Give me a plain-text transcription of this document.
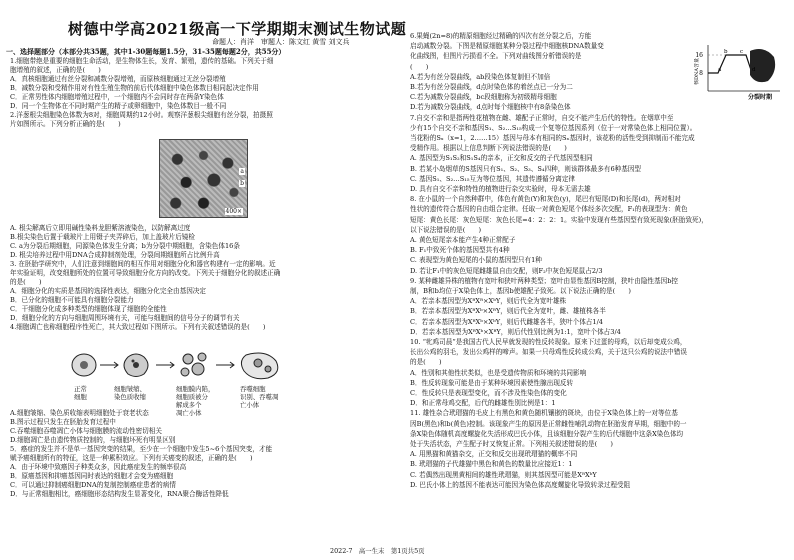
树德中学高2021级高一下学期期末测试生物试题
命题人：肖洋　审题人：陈文红 黄雪 刘文兵
一、选择题部分（本部分共35题，其中1-30题每题1.5分，31-35题每题2分，共55分）
1.细胞带绝是重要的细胞生命活动，是生物体生长，发育、繁殖，遗传的基础。下列关于细
胞增殖的叙述，正确的是(　　)
A．真核细胞通过有丝分裂和减数分裂增殖，而原核细胞通过无丝分裂增殖
B．减数分裂和受精作用对有性生殖生物的前后代体细胞中染色体数目相同起决定作用
C．正常男性体内细胞增殖过程中，一个细胞内不会同时存在两条Y染色体
D．同一个生物体在不同时期产生的精子或卵细胞中，染色体数目一般不同
2.洋葱根尖细胞染色体数为8对，细胞周期约12小时。观察洋葱根尖细胞有丝分裂，拍摄照
片如图所示。下列分析正确的是(　　)
A. 根尖解离后立即用碱性染料龙胆紫溶液染色，以防解离过度
B.根尖染色后置于载玻片上用镊子夹弄碎后，加上盖玻片后镜检
C. a为分裂后期细胞，同源染色体发生分离；b为分裂中期细胞，含染色体16条
D. 根尖培养过程中用DNA合成抑制剂处理，分裂间期细胞所占比例升高
3. 在胚胎学研究中，人们注意到细胞间的相互作用对细胞分化和器官构建有一定的影响。近
年实验证明，改变细胞所处的位置可导致细胞分化方向的改变。下列关于细胞分化的叙述正确
的是(　　)
A．细胞分化的实质是基因的选择性表达，细胞分化完全由基因决定
B．已分化的细胞不可能具有细胞分裂能力
C．干细胞分化成多种类型的细胞体现了细胞的全能性
D．细胞分化的方向与细胞周围环境有关，可能与细胞间的信号分子的调节有关
4.细胞调亡也称细胞程序性死亡，其大致过程如下图所示。下列有关叙述错误的是(　　)
A.细胞皱缩、染色质收缩表明细胞处于衰老状态
B.图示过程只发生在胚胎发育过程中
C.吞噬细胞吞噬凋亡小体与细胞膜的流动性密切相关
D.细胞凋亡是由遗传物质控制的，与细胞坏死有明显区别
5．癌症的发生并不是单一基因突变的结果，至少在一个细胞中发生5~6个基因突变，才能
赋予癌细胞所有的特征，这是一种累积效应。下列有关癌变的叙述，正确的是(　　)
A．由于环境中致癌因子种类众多，因此癌症发生的频率很高
B．原癌基因和抑癌基因同时表达的细胞才会变为癌细胞
C．可以通过抑制癌细胞DNA的复制控制癌症患者的病情
D．与正常细胞相比，癌细胞形态结构发生显著变化，RNA聚合酶活性降低
a
b
400×
正常
细胞
细胞皱缩、
染色质收缩
细胞膜内陷，
细胞质被分
解成多个
凋亡小体
吞噬细胞
识别、吞噬凋
亡小体
6.果蝇(2n=8)的精原细胞经过精确的四次有丝分裂之后，方能
启动减数分裂。下图是精原细胞某种分裂过程中细胞核DNA数量变
化曲线图，但图片污损看不全。下列对曲线图分析错误的是
(　　)
A.若为有丝分裂曲线，ab段染色体复制但不加倍
B.若为有丝分裂曲线，d点时染色体的着丝点已一分为二
C.若为减数分裂曲线，bc段细胞称为初级精母细胞
D.若为减数分裂曲线，d点时每个细胞核中有8条染色体
7.自交不亲和是指两性花植物在雌、雄配子正常时，自交不能产生后代的特性。在烟草中至
少有15个自交不亲和基因S₁、S₂…S₁₅构成一个复等位基因系列（位于一对常染色体上相同位置）。
当花粉的Sₓ（x=1，2……15）基因与母本有相同的Sₓ基因时，该花粉的活性受到抑制而不能完成
受精作用。根据以上信息判断下列说法错误的是(　　)
A. 基因型为S₁S₂和S₁S₄的亲本，正交和反交的子代基因型相同
B. 若某小岛烟草的S基因只有S₁、S₂、S₃、S₄四种，则该群体最多有6种基因型
C. 基因S₁、S₂…S₁₅互为等位基因，其遗传遵循分离定律
D. 具有自交不亲和特性的植物进行杂交实验时，母本无需去雄
8. 在小鼠的一个自然种群中，体色有黄色(Y)和灰色(y)，尾巴有短尾(D)和长尾(d)，两对相对
性状的遗传符合基因的自由组合定律。任取一对黄色短尾个体经多次交配，F₁的表现型为：黄色
短尾：黄色长尾：灰色短尾：灰色长尾=4：2：2：1。实验中发现有些基因型有致死现象(胚胎致死)，
以下说法错误的是(　　)
A. 黄色短尾亲本能产生4种正常配子
B. F₁中致死个体的基因型共有4种
C. 表现型为黄色短尾的小鼠的基因型只有1种
D. 若让F₁中的灰色短尾雌雄鼠自由交配，则F₂中灰色短尾鼠占2/3
9. 某种雌雄异株的植物有宽叶和狭叶两种类型；宽叶由显性基因B控制，狭叶由隐性基因b控
制，B和b均位于X染色体上，基因b使雄配子致死。以下说法正确的是(　　)
A．若亲本基因型为XᴮXᴮ×XᵇY，则后代全为宽叶雄株
B．若亲本基因型为XᴮXᵇ×XᴮY，则后代全为宽叶，雌、雄植株各半
C．若亲本基因型为XᴮXᵇ×XᵇY，则后代雌雄各半，狭叶个体占1/4
D．若亲本基因型为XᴮXᵇ×XᴮY，则后代性别比例为1:1，宽叶个体占3/4
10. “牝鸡司晨”是我国古代人民早就发现的性反转现象。原来下过蛋的母鸡，以后却变成公鸡，
长出公鸡的羽毛，发出公鸡样的啼声。如果一只母鸡性反转成公鸡，关于这只公鸡的说法中错误
的是(　　)
A．性别和其他性状类似，也是受遗传物质和环境的共同影响
B．性反转现象可能是由于某种环境因素使性腺出现反转
C．性反转只是表现型变化，而不涉及性染色体的变化
D．和正常母鸡交配，后代的雌雄性别比例是1：1
11. 雄性杂合玳瑁猫的毛皮上有黑色和黄色随机镶嵌的斑块，由位于X染色体上的一对等位基
因B(黑色)和b(黄色)控制。该现象产生的原因是正常雌性哺乳动物在胚胎发育早期，细胞中的一
条X染色体随机高度螺旋化失活形成巴氏小体，且该细胞分裂产生的后代细胞中这条X染色体均
处于失活状态，产生配子时又恢复正常。下列相关叙述错误的是(　　)
A. 用黑猫和黄猫杂交，正交和反交出现玳瑁猫的概率不同
B. 玳瑁猫的子代雄猫中黑色和黄色的数量比应接近1：1
C. 若偶然出现黑黄相间的雄性玳瑁猫，则其基因型可能是XᴮXᵇY
D. 巴氏小体上的基因不能表达可能因为染色体高度螺旋化导致转录过程受阻
16
8	a
b c
d
核DNA含量
分裂时期
2022-7　高一生末　第1页共5页
